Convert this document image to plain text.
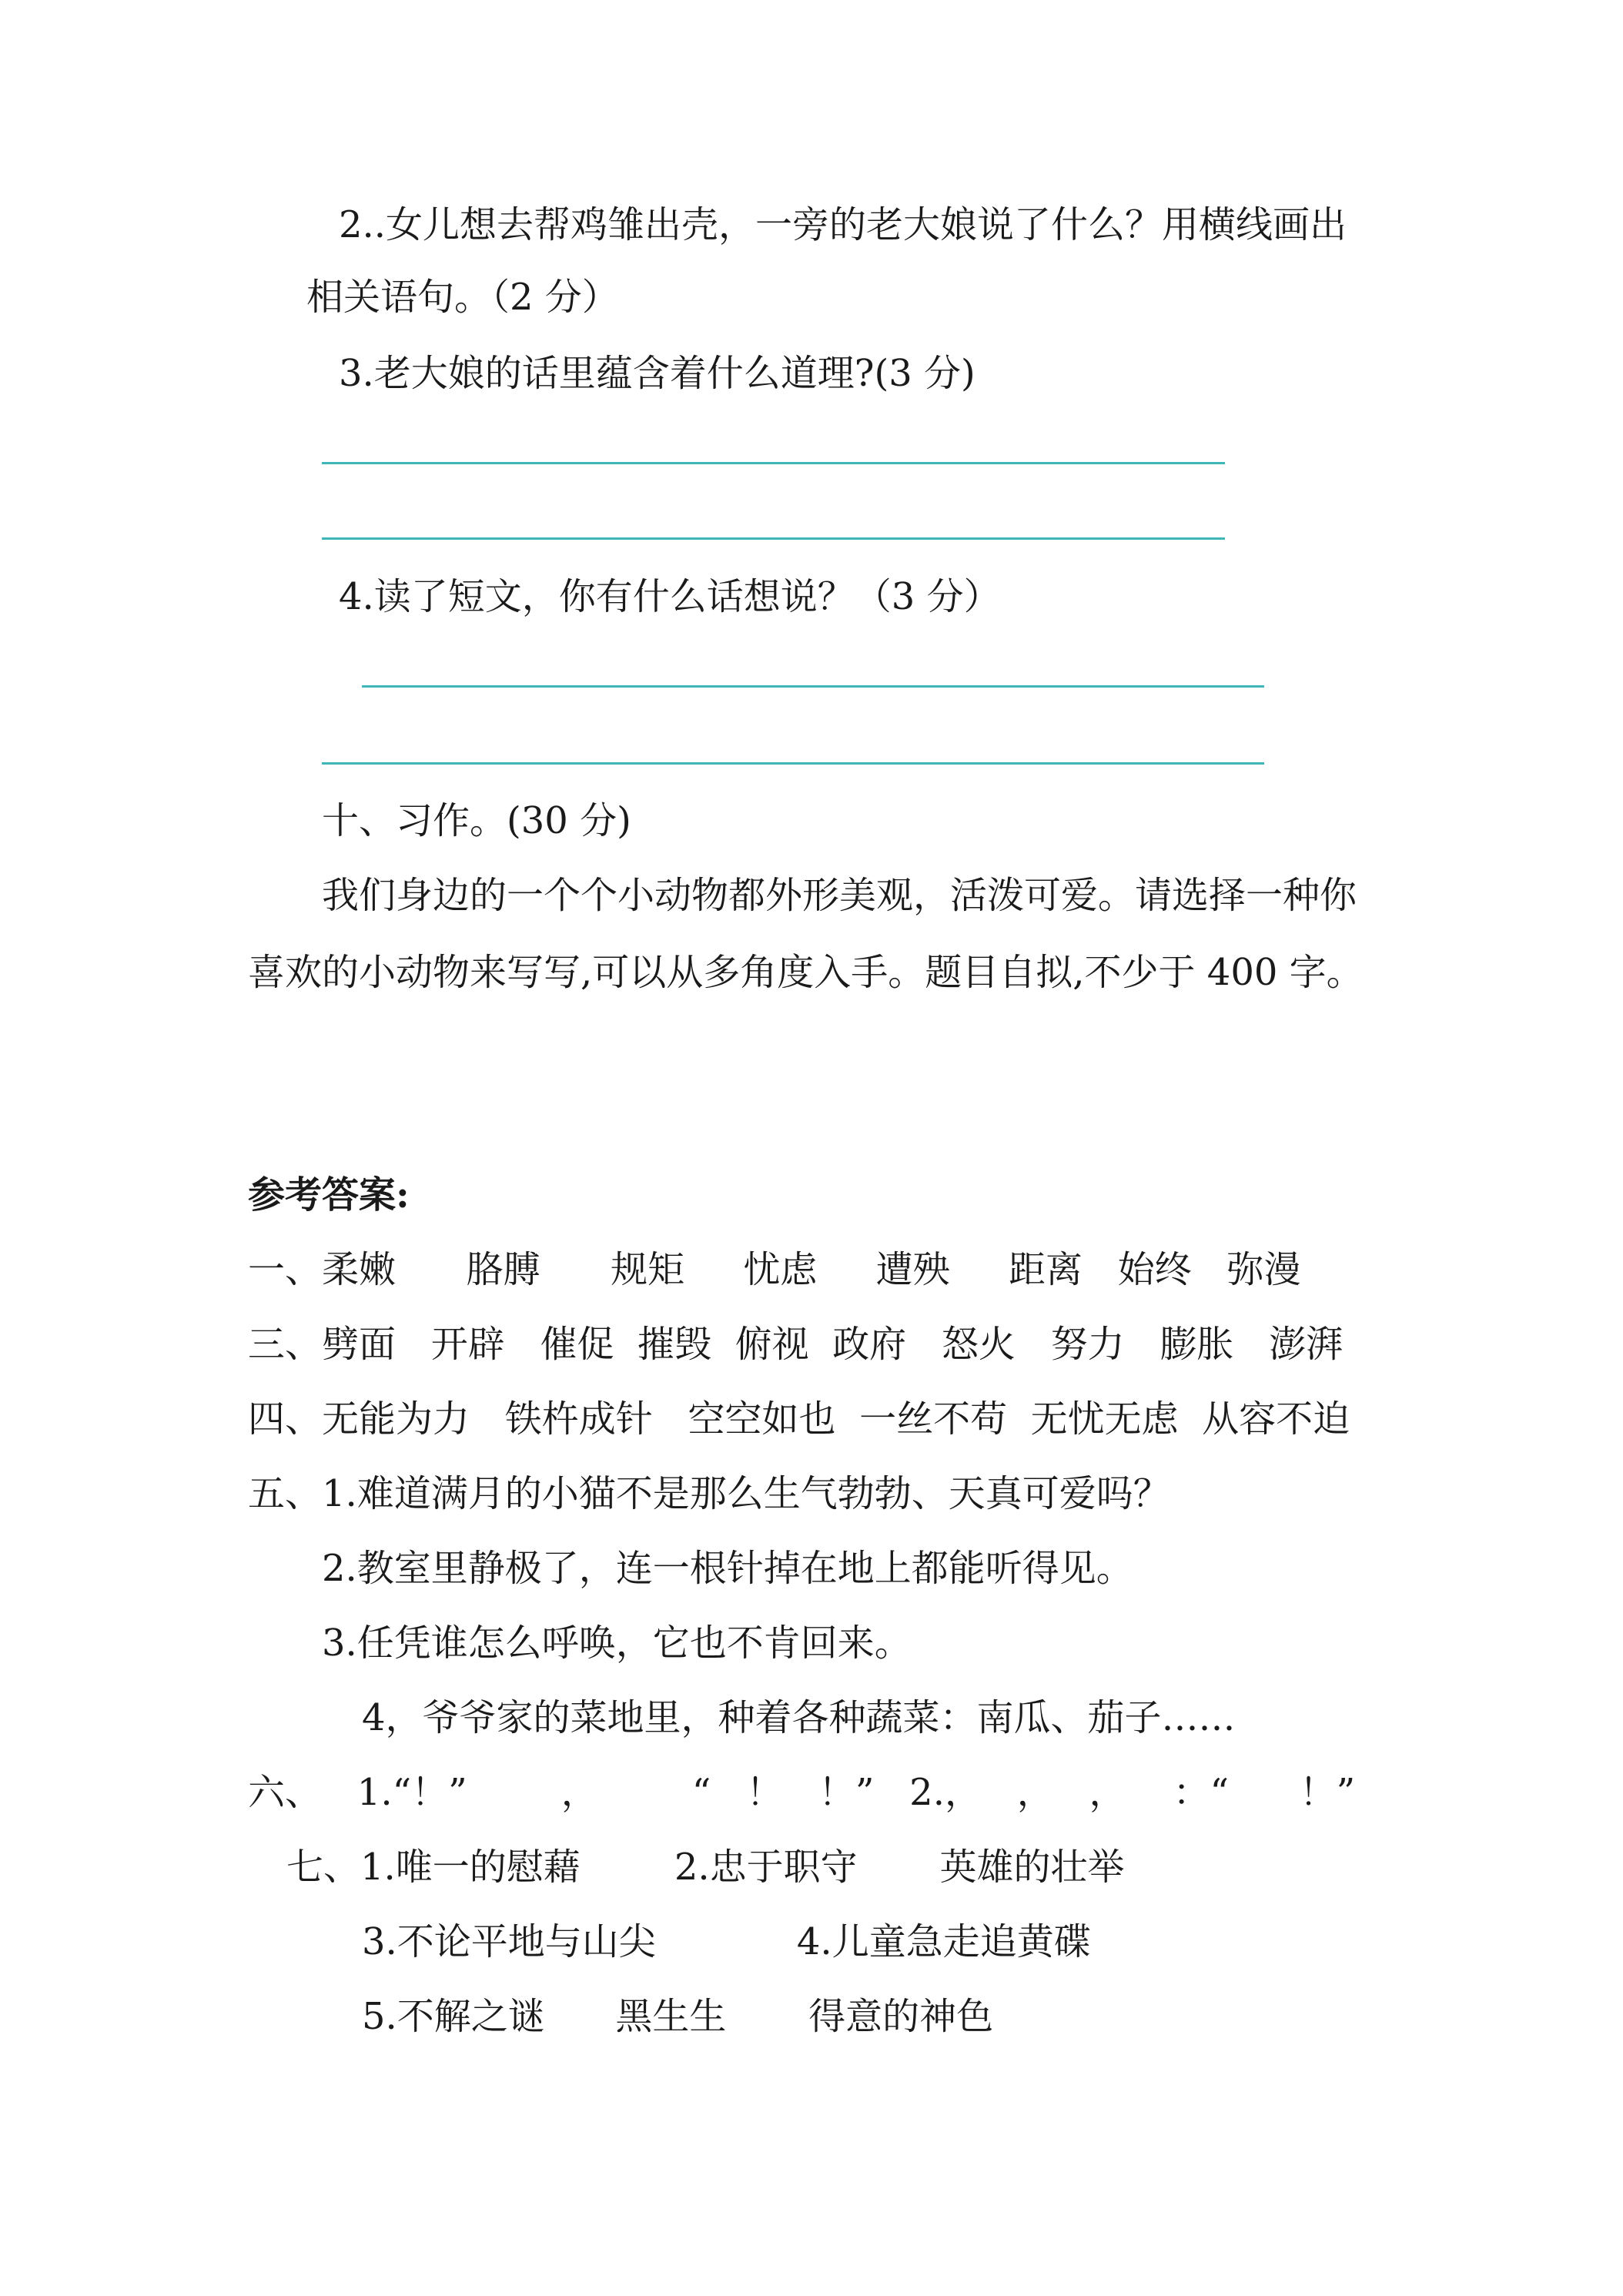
2..女儿想去帮鸡雏出壳，一旁的老大娘说了什么？用横线画出
相关语句。（2 分）
3.老大娘的话里蕴含着什么道理?(3 分)
4.读了短文，你有什么话想说？（3 分）
十、习作。(30 分)
我们身边的一个个小动物都外形美观，活泼可爱。请选择一种你
喜欢的小动物来写写,可以从多角度入手。题目自拟,不少于 400 字。
参考答案:
一、柔嫩      胳膊      规矩     忧虑     遭殃     距离   始终   弥漫
三、劈面   开辟   催促  摧毁  俯视  政府   怒火   努力   膨胀   澎湃
四、无能为力   铁杵成针   空空如也  一丝不苟  无忧无虑  从容不迫
五、1.难道满月的小猫不是那么生气勃勃、天真可爱吗？
2.教室里静极了，连一根针掉在地上都能听得见。
3.任凭谁怎么呼唤，它也不肯回来。
4，爷爷家的菜地里，种着各种蔬菜：南瓜、茄子……
六、   1.“！”        ，        “   ！   ！”   2.，   ，   ，    ：“      ！”
七、1.唯一的慰藉        2.忠于职守       英雄的壮举
3.不论平地与山尖            4.儿童急走追黄碟
5.不解之谜      黑生生       得意的神色
